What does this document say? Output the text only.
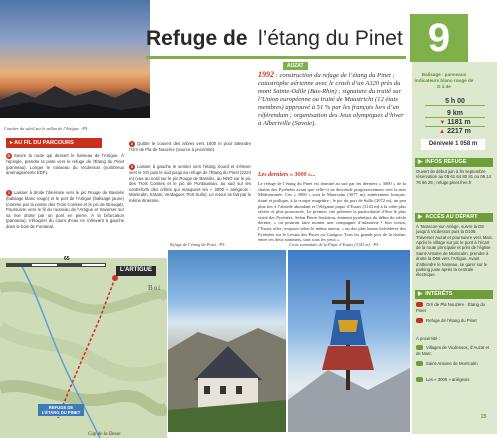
Refuge de l’étang du Pinet
AUZAT
9
1992 : construction du refuge de l’étang du Pinet ; catastrophe aérienne avec le crash d’un A320 près du mont Sainte-Odile (Bas-Rhin) ; signature du traité sur l’Union européenne ou traité de Maastricht (12 états membres) approuvé à 51 % par les français lors d’un référendum ; organisation des Jeux olympiques d’hiver à Albertville (Savoie).
Les derniers « 3000 »...
Le refuge de l’étang du Pinet est dominé au sud par les derniers « 3000 » de la chaîne des Pyrénées avant que celle-ci ne descende progressivement vers la mer Méditerranée. Ces « 3000 » sont le Montcalm (3077 m), entièrement français, tirant et poilique, à la croupe rougeâtre ; le pic du port de Sullo (3072 m), un peu plus fier à l’abordé abondant et l’élégante pique d’Estats (3143 m) à la crête plus sévère et plus prononcée. Le premier cité présente la particularité d’être le plus visité des Pyrénées. Selon Pierre Soubiron, éminent pyrénéiste du début du siècle dernier, « on pourrait faire monter une compagnie d’infanterie ! Son voisin, l’Estats offre, toujours selon le même auteur, « un des plus beaux belvédères des Pyrénées sur le Levant des Puces ou Canigou. Tous les grands pics de la chaîne, entre ces deux sommets, sont sous les yeux ».
Coucher du soleil sur le vallon de l’Artigue. -P5-
▸ AU FIL DU PARCOURS
D Suivre la route qui dessert le hameau de l’Artigue. À l’épingle, prendre la piste vers le refuge de l’Étang du Pinet (panneau). Longer le ruisseau du Vicdessos (nombreux aménagements EDF).
1 Laisser à droite l’itinéraire vers le pic Rouge de Bassiès (balisage blanc-rouge) et le port de l’Artigue (balisage jaune) (comme par la pointe des Trois Comtes et le pic de Brouqat). Poursuivre vers le fil du ruisseau de l’Artigue et traverser sur sa rive droite par un pont en pierre. À la bifurcation (panneau), s’éloigner du cours d’eau en s’élevant à gauche dans le bois de Fontanal.
2 Quitter le couvert des arbres vers 1600 m pour atteindre l’Orri de Pla de Nouzère (source à proximité).
3 Laisser à gauche le sentier vers l’étang Sourd et s’élever vers le SO puis le sud jusqu’au refuge de l’Étang du Pinet (2224 m) (vue au nord sur le pic Rouge de Bassiès, au NNO sur le pic des Trois Comtes et le pic de Puntaussan, au sud sur les contreforts des crêtes qui masquent les « 3000 » ariégeois : Montcalm, Estats, Verdaguer, Port Sullo). Le retour se fait par le même itinéraire.
65
L’ARTIGUE
Boi
REFUGE DE L’ÉTANG DU PINET
Cap de la Desse
Refuge de l’étang du Pinet. -P5-	Croix sommitale de la Pique d’Estats (3143 m). -P5-
Balisage : panneaux indicateurs blanc-rouge de D à 4e
5 h 00
9 km
▼ 1181 m
▲ 2217 m
Dénivelé 1 058 m
▶ INFOS REFUGE
Ouvert de début juin à fin septembre réservation au 05 61 64 80 81 ou 06 14 76 66 25 ; refuge.pinet.free.fr
▶ ACCÈS AU DÉPART
À Tarascon-sur-Ariège, suivre la D8 jusqu’à Vicdessos puis la D108. Traverser Auzat et poursuivre vers Marc. Après le village sur pic le pont à l’écart de la route principale et près de l’église Saint-Antoine de Montcalm, prendre à droite la D66 vers l’Artigue. Avant d’atteindre le hameau, se garer sur le parking juste après la centrale électrique.
▶ INTÉRÊTS
Orri de Pla Nouzère · Étang du Pinet
Refuge de l’étang du Pinet
À proximité :
Villages de Vicdessos, d’Auzat et de Marc
Saint-Antoine de Montcalm
Les « 3000 » ariégeois
25
